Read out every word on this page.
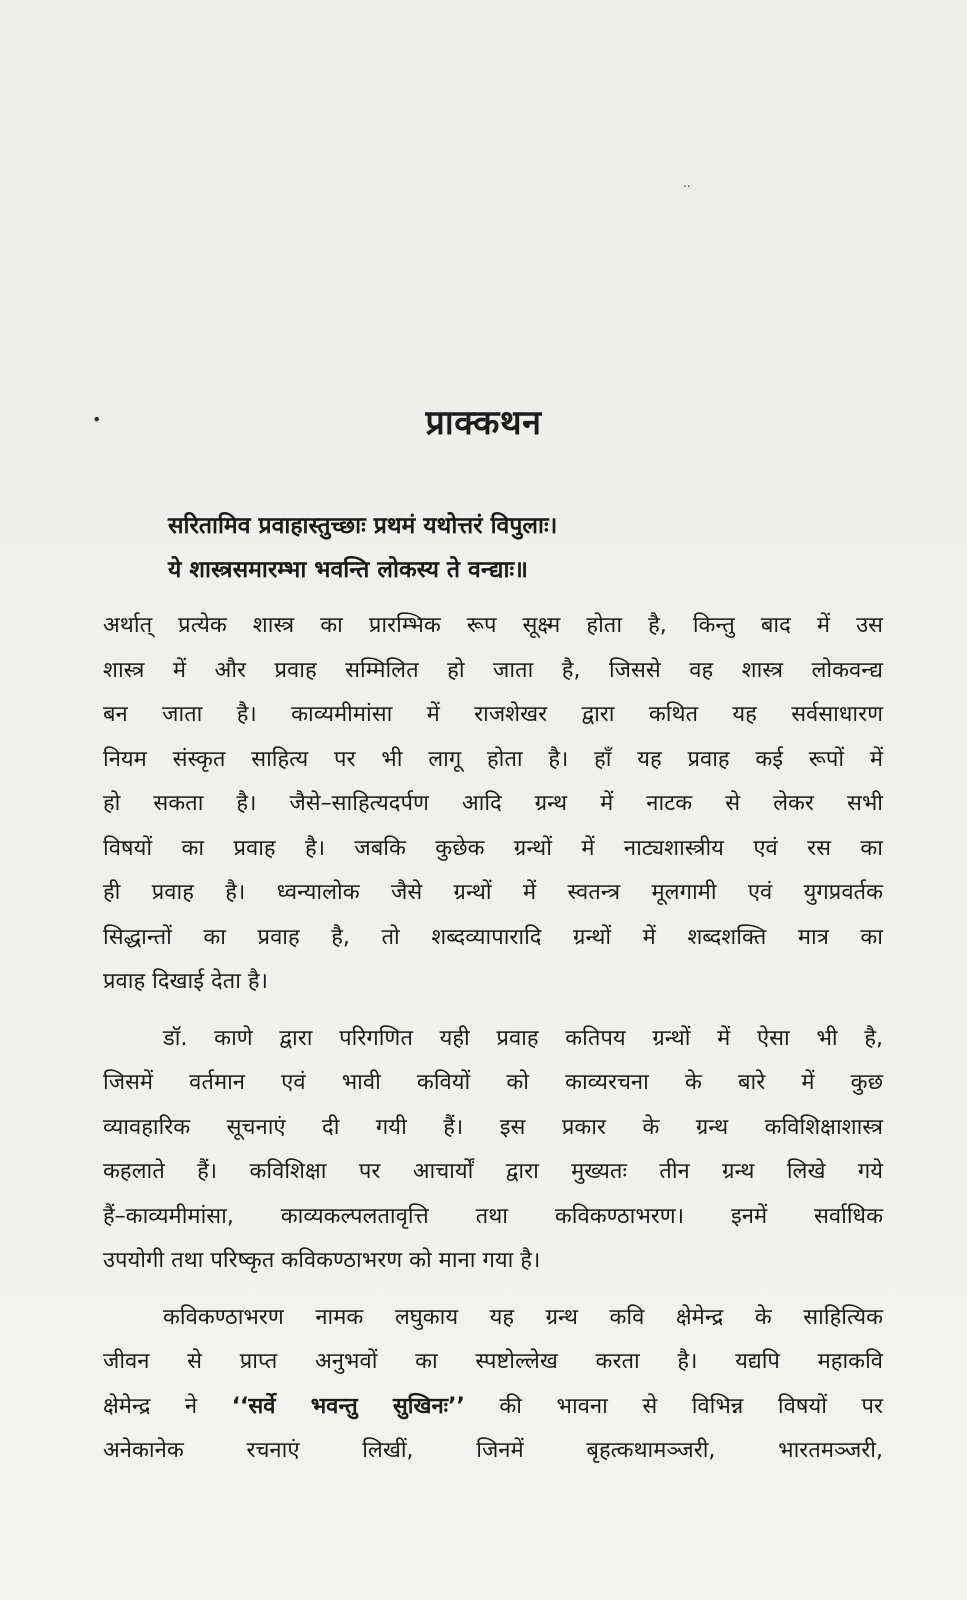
•
..
प्राक्कथन
सरितामिव प्रवाहास्तुच्छाः प्रथमं यथोत्तरं विपुलाः।
ये शास्त्रसमारम्भा भवन्ति लोकस्य ते वन्द्याः॥
अर्थात् प्रत्येक शास्त्र का प्रारम्भिक रूप सूक्ष्म होता है, किन्तु बाद में उस
शास्त्र में और प्रवाह सम्मिलित हो जाता है, जिससे वह शास्त्र लोकवन्द्य
बन जाता है। काव्यमीमांसा में राजशेखर द्वारा कथित यह सर्वसाधारण
नियम संस्कृत साहित्य पर भी लागू होता है। हाँ यह प्रवाह कई रूपों में
हो सकता है। जैसे–साहित्यदर्पण आदि ग्रन्थ में नाटक से लेकर सभी
विषयों का प्रवाह है। जबकि कुछेक ग्रन्थों में नाट्यशास्त्रीय एवं रस का
ही प्रवाह है। ध्वन्यालोक जैसे ग्रन्थों में स्वतन्त्र मूलगामी एवं युगप्रवर्तक
सिद्धान्तों का प्रवाह है, तो शब्दव्यापारादि ग्रन्थों में शब्दशक्ति मात्र का
प्रवाह दिखाई देता है।
डॉ. काणे द्वारा परिगणित यही प्रवाह कतिपय ग्रन्थों में ऐसा भी है,
जिसमें वर्तमान एवं भावी कवियों को काव्यरचना के बारे में कुछ
व्यावहारिक सूचनाएं दी गयी हैं। इस प्रकार के ग्रन्थ कविशिक्षाशास्त्र
कहलाते हैं। कविशिक्षा पर आचार्यों द्वारा मुख्यतः तीन ग्रन्थ लिखे गये
हैं–काव्यमीमांसा, काव्यकल्पलतावृत्ति तथा कविकण्ठाभरण। इनमें सर्वाधिक
उपयोगी तथा परिष्कृत कविकण्ठाभरण को माना गया है।
कविकण्ठाभरण नामक लघुकाय यह ग्रन्थ कवि क्षेमेन्द्र के साहित्यिक
जीवन से प्राप्त अनुभवों का स्पष्टोल्लेख करता है। यद्यपि महाकवि
क्षेमेन्द्र ने ‘‘सर्वे भवन्तु सुखिनः’’ की भावना से विभिन्न विषयों पर
अनेकानेक रचनाएं लिखीं, जिनमें बृहत्कथामञ्जरी, भारतमञ्जरी,
